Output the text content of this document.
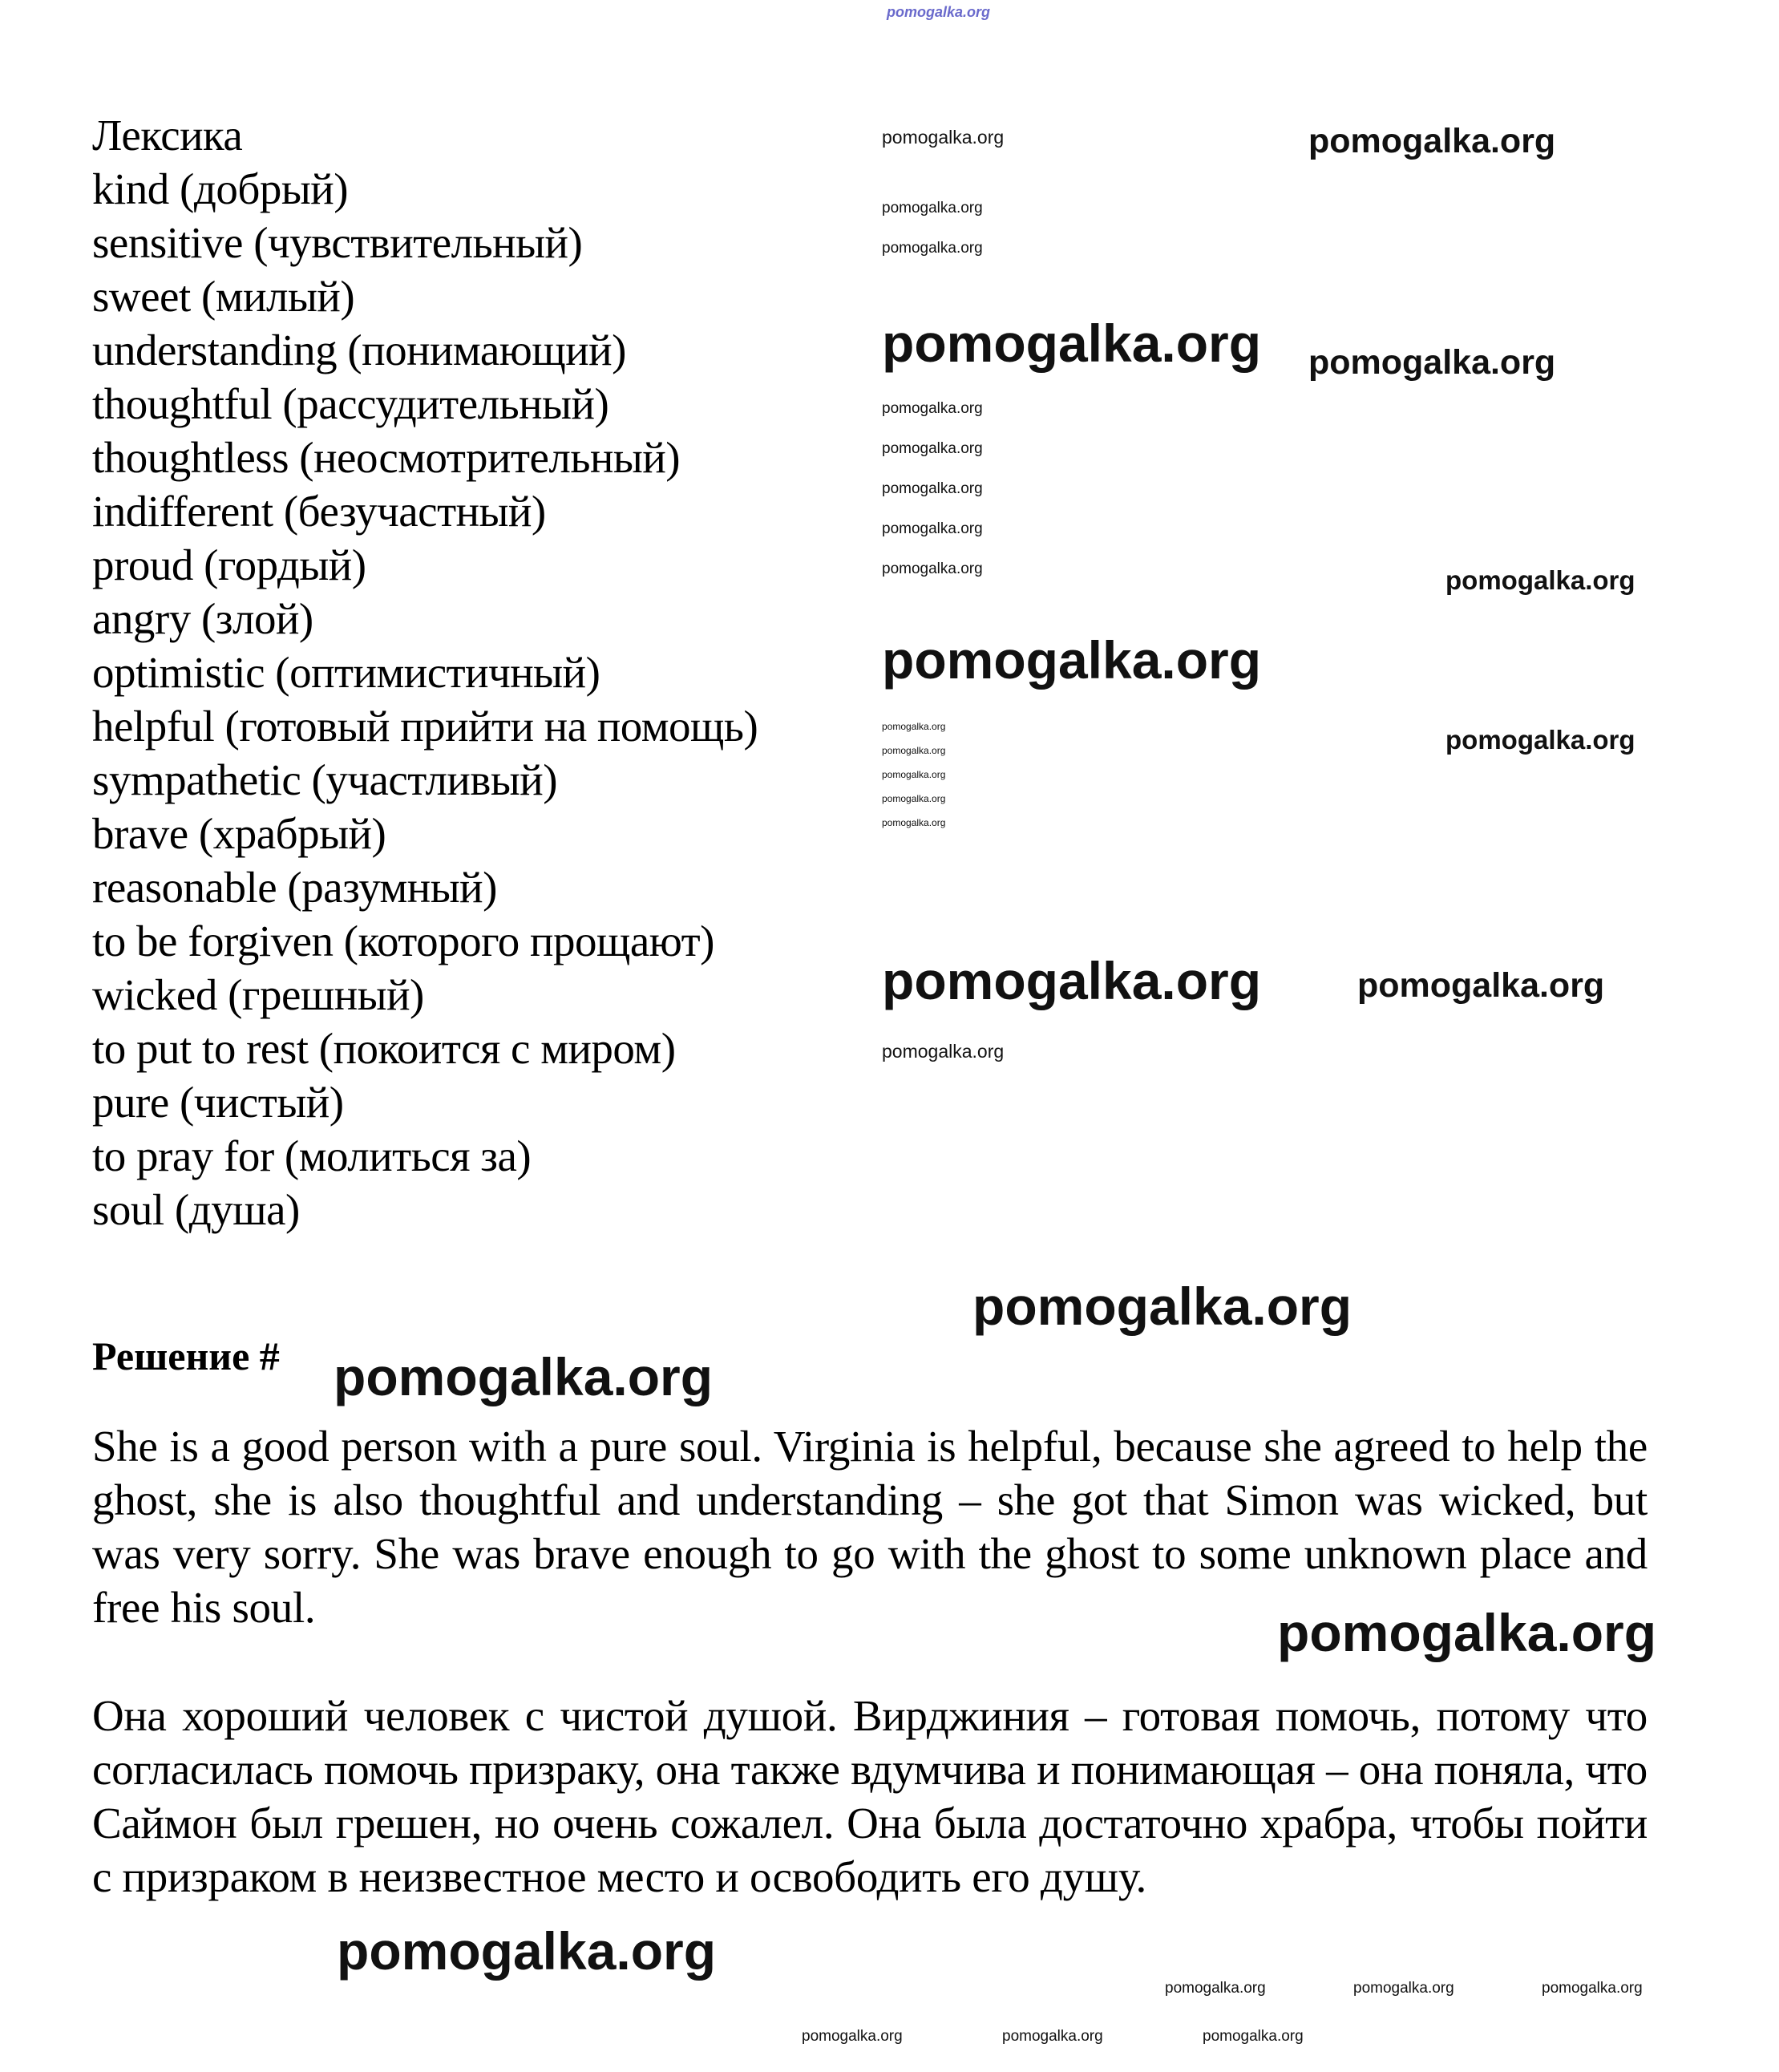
Лексика
kind (добрый)
sensitive (чувствительный)
sweet (милый)
understanding (понимающий)
thoughtful (рассудительный)
thoughtless (неосмотрительный)
indifferent (безучастный)
proud (гордый)
angry (злой)
optimistic (оптимистичный)
helpful (готовый прийти на помощь)
sympathetic (участливый)
brave (храбрый)
reasonable (разумный)
to be forgiven (которого прощают)
wicked (грешный)
to put to rest (покоится с миром)
pure (чистый)
to pray for (молиться за)
soul (душа)
Решение #
She is a good person with a pure soul. Virginia is helpful, because she agreed to help the ghost, she is also thoughtful and understanding – she got that Simon was wicked, but was very sorry. She was brave enough to go with the ghost to some unknown place and free his soul.
Она хороший человек с чистой душой. Вирджиния – готовая помочь, потому что согласилась помочь призраку, она также вдумчива и понимающая – она поняла, что Саймон был грешен, но очень сожалел. Она была достаточно храбра, чтобы пойти с призраком в неизвестное место и освободить его душу.
pomogalka.org
pomogalka.org
pomogalka.org
pomogalka.org
pomogalka.org
pomogalka.org
pomogalka.org
pomogalka.org
pomogalka.org
pomogalka.org
pomogalka.org
pomogalka.org
pomogalka.org
pomogalka.org
pomogalka.org
pomogalka.org
pomogalka.org
pomogalka.org
pomogalka.org
pomogalka.org
pomogalka.org
pomogalka.org
pomogalka.org	pomogalka.org	pomogalka.org
pomogalka.org	pomogalka.org	pomogalka.org
pomogalka.org
pomogalka.org
pomogalka.org
pomogalka.org
pomogalka.org
